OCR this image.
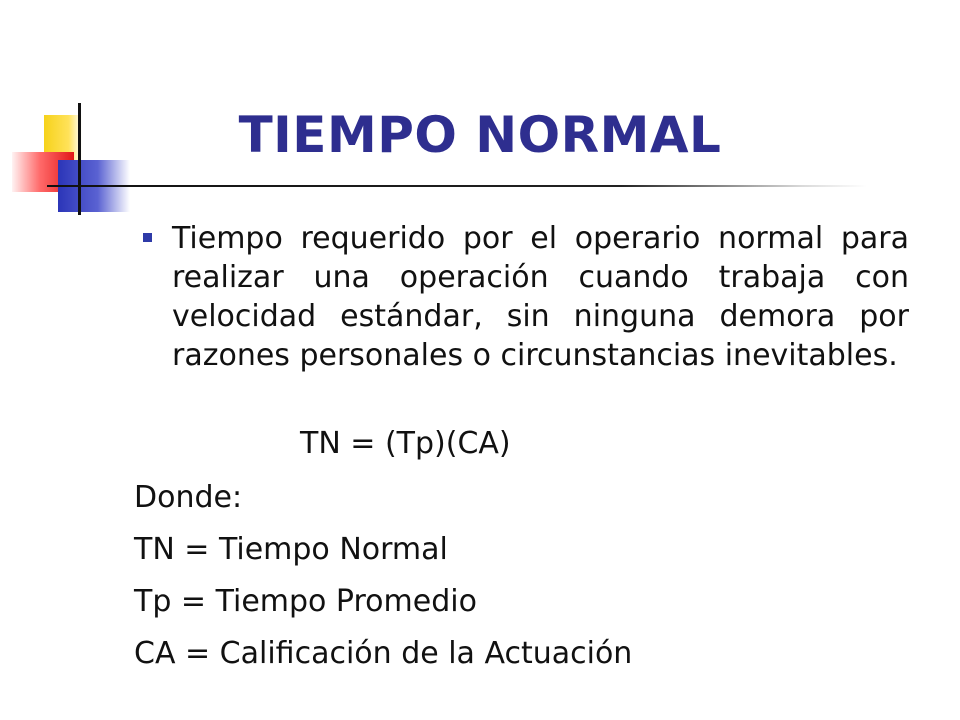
TIEMPO NORMAL
Tiempo requerido por el operario normal para realizar una operación cuando trabaja con velocidad estándar, sin ninguna demora por razones personales o circunstancias inevitables.
TN = (Tp)(CA)
Donde:
TN = Tiempo Normal
Tp = Tiempo Promedio
CA = Calificación de la Actuación
